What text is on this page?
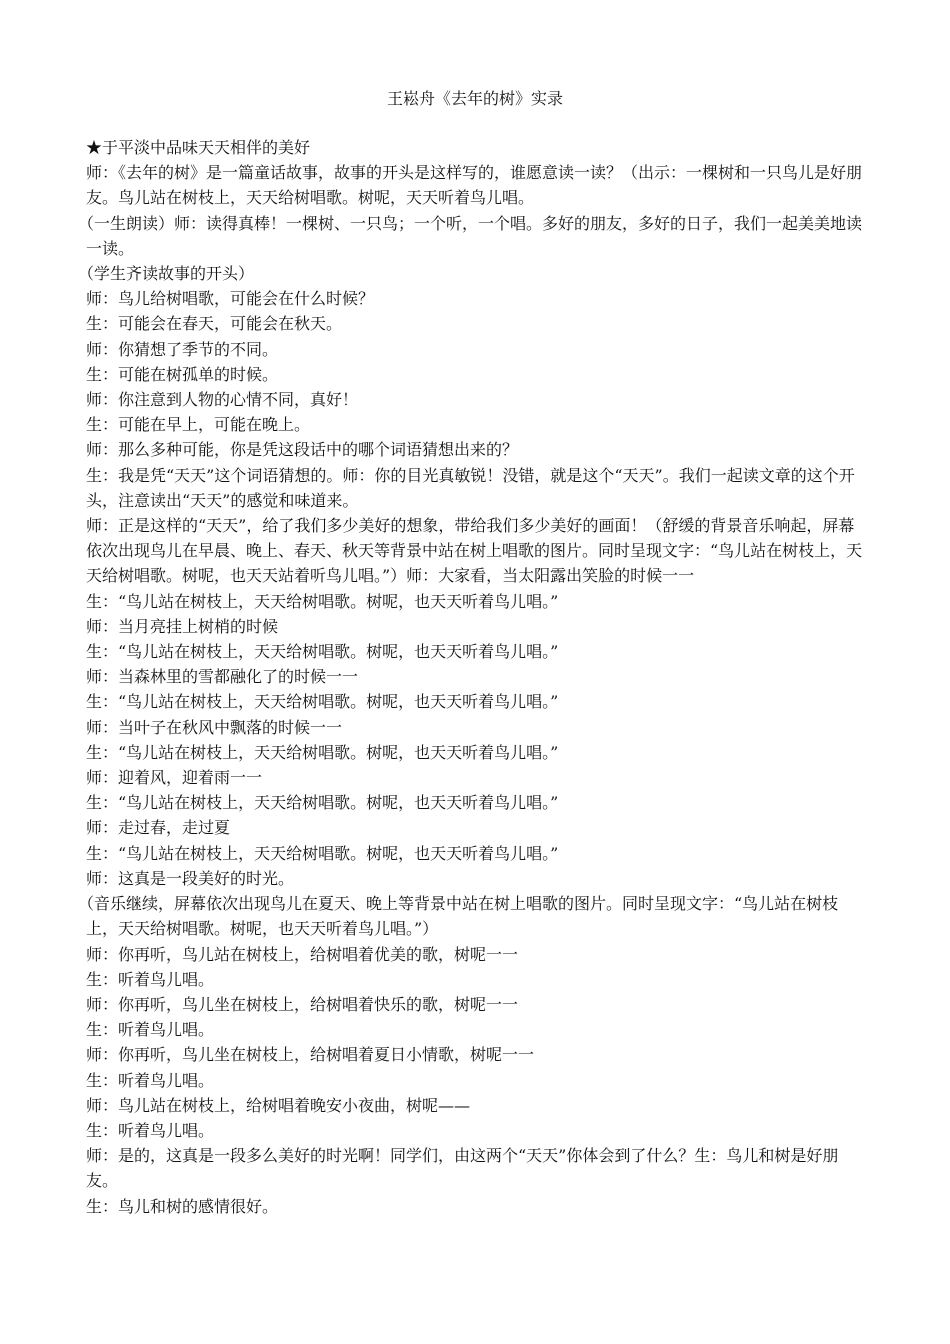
王崧舟《去年的树》实录

★于平淡中品味天天相伴的美好

师：《去年的树》是一篇童话故事，故事的开头是这样写的，谁愿意读一读？（出示：一棵树和一只鸟儿是好朋友。鸟儿站在树枝上，天天给树唱歌。树呢，天天听着鸟儿唱。

（一生朗读）师：读得真棒！一棵树、一只鸟；一个听，一个唱。多好的朋友，多好的日子，我们一起美美地读一读。

（学生齐读故事的开头）

师：鸟儿给树唱歌，可能会在什么时候？

生：可能会在春天，可能会在秋天。

师：你猜想了季节的不同。

生：可能在树孤单的时候。

师：你注意到人物的心情不同，真好！

生：可能在早上，可能在晚上。

师：那么多种可能，你是凭这段话中的哪个词语猜想出来的？

生：我是凭“天天”这个词语猜想的。师：你的目光真敏锐！没错，就是这个“天天”。我们一起读文章的这个开头，注意读出“天天”的感觉和味道来。

师：正是这样的“天天”，给了我们多少美好的想象，带给我们多少美好的画面！（舒缓的背景音乐响起，屏幕依次出现鸟儿在早晨、晚上、春天、秋天等背景中站在树上唱歌的图片。同时呈现文字：“鸟儿站在树枝上，天天给树唱歌。树呢，也天天站着听鸟儿唱。”）师：大家看，当太阳露出笑脸的时候一一

生：“鸟儿站在树枝上，天天给树唱歌。树呢，也天天听着鸟儿唱。”

师：当月亮挂上树梢的时候

生：“鸟儿站在树枝上，天天给树唱歌。树呢，也天天听着鸟儿唱。”

师：当森林里的雪都融化了的时候一一

生：“鸟儿站在树枝上，天天给树唱歌。树呢，也天天听着鸟儿唱。”

师：当叶子在秋风中飘落的时候一一

生：“鸟儿站在树枝上，天天给树唱歌。树呢，也天天听着鸟儿唱。”

师：迎着风，迎着雨一一

生：“鸟儿站在树枝上，天天给树唱歌。树呢，也天天听着鸟儿唱。”

师：走过春，走过夏

生：“鸟儿站在树枝上，天天给树唱歌。树呢，也天天听着鸟儿唱。”

师：这真是一段美好的时光。

（音乐继续，屏幕依次出现鸟儿在夏天、晚上等背景中站在树上唱歌的图片。同时呈现文字：“鸟儿站在树枝上，天天给树唱歌。树呢，也天天听着鸟儿唱。”）

师：你再听，鸟儿站在树枝上，给树唱着优美的歌，树呢一一

生：听着鸟儿唱。

师：你再听，鸟儿坐在树枝上，给树唱着快乐的歌，树呢一一

生：听着鸟儿唱。

师：你再听，鸟儿坐在树枝上，给树唱着夏日小情歌，树呢一一

生：听着鸟儿唱。

师：鸟儿站在树枝上，给树唱着晚安小夜曲，树呢——

生：听着鸟儿唱。

师：是的，这真是一段多么美好的时光啊！同学们，由这两个“天天”你体会到了什么？生：鸟儿和树是好朋友。

生：鸟儿和树的感情很好。
